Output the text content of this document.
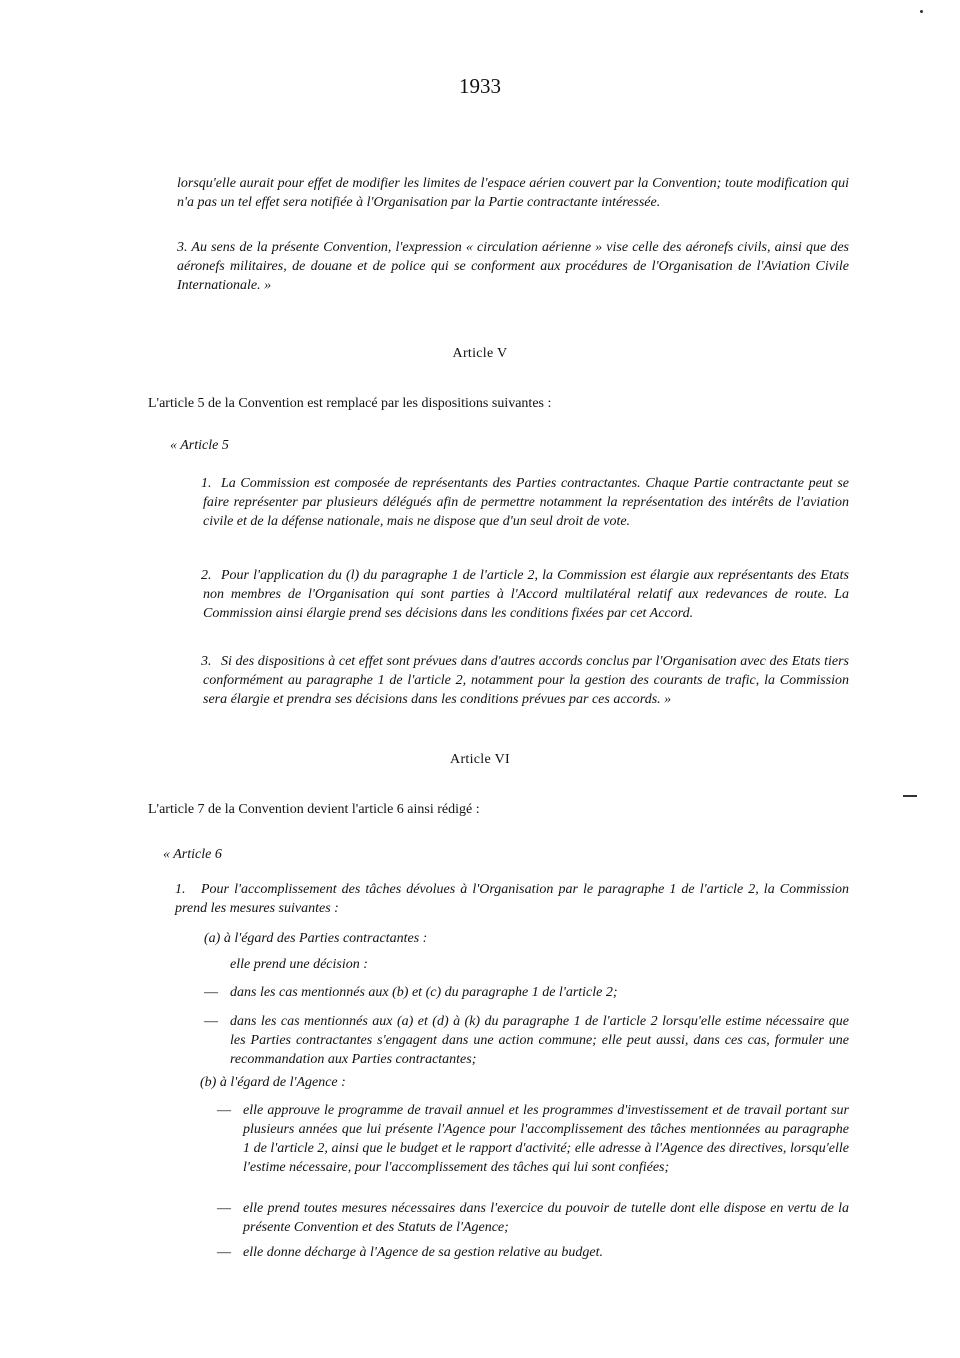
1933
lorsqu'elle aurait pour effet de modifier les limites de l'espace aérien couvert par la Convention; toute modification qui n'a pas un tel effet sera notifiée à l'Organisation par la Partie contractante intéressée.
3. Au sens de la présente Convention, l'expression « circulation aérienne » vise celle des aéronefs civils, ainsi que des aéronefs militaires, de douane et de police qui se conforment aux procédures de l'Organisation de l'Aviation Civile Internationale. »
Article V
L'article 5 de la Convention est remplacé par les dispositions suivantes :
« Article 5
1. La Commission est composée de représentants des Parties contractantes. Chaque Partie contractante peut se faire représenter par plusieurs délégués afin de permettre notamment la représentation des intérêts de l'aviation civile et de la défense nationale, mais ne dispose que d'un seul droit de vote.
2. Pour l'application du (l) du paragraphe 1 de l'article 2, la Commission est élargie aux représentants des Etats non membres de l'Organisation qui sont parties à l'Accord multilatéral relatif aux redevances de route. La Commission ainsi élargie prend ses décisions dans les conditions fixées par cet Accord.
3. Si des dispositions à cet effet sont prévues dans d'autres accords conclus par l'Organisation avec des Etats tiers conformément au paragraphe 1 de l'article 2, notamment pour la gestion des courants de trafic, la Commission sera élargie et prendra ses décisions dans les conditions prévues par ces accords. »
Article VI
L'article 7 de la Convention devient l'article 6 ainsi rédigé :
« Article 6
1.	Pour l'accomplissement des tâches dévolues à l'Organisation par le paragraphe 1 de l'article 2, la Commission prend les mesures suivantes :
(a) à l'égard des Parties contractantes :
elle prend une décision :
— dans les cas mentionnés aux (b) et (c) du paragraphe 1 de l'article 2;
— dans les cas mentionnés aux (a) et (d) à (k) du paragraphe 1 de l'article 2 lorsqu'elle estime nécessaire que les Parties contractantes s'engagent dans une action commune; elle peut aussi, dans ces cas, formuler une recommandation aux Parties contractantes;
(b) à l'égard de l'Agence :
— elle approuve le programme de travail annuel et les programmes d'investissement et de travail portant sur plusieurs années que lui présente l'Agence pour l'accomplissement des tâches mentionnées au paragraphe 1 de l'article 2, ainsi que le budget et le rapport d'activité; elle adresse à l'Agence des directives, lorsqu'elle l'estime nécessaire, pour l'accomplissement des tâches qui lui sont confiées;
— elle prend toutes mesures nécessaires dans l'exercice du pouvoir de tutelle dont elle dispose en vertu de la présente Convention et des Statuts de l'Agence;
— elle donne décharge à l'Agence de sa gestion relative au budget.
